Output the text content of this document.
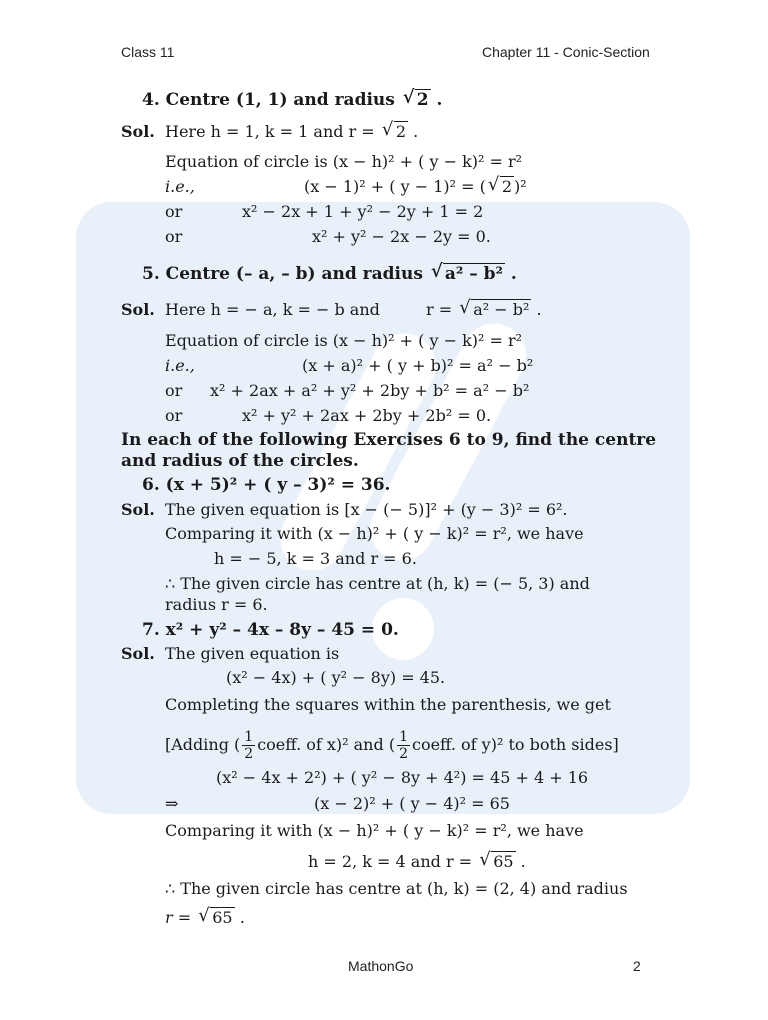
Class 11	Chapter 11 - Conic-Section
4. Centre (1, 1) and radius √ 2 .
Sol. Here h = 1, k = 1 and r = √ 2 .
Equation of circle is (x − h)² + ( y − k)² = r²
i.e.,	(x − 1)² + ( y − 1)² = ( √ 2 )²
or	x² − 2x + 1 + y² − 2y + 1 = 2
or	x² + y² − 2x − 2y = 0.
5. Centre (– a, – b) and radius √ a² – b² .
Sol. Here h = − a, k = − b and	r = √ a² − b² .
Equation of circle is (x − h)² + ( y − k)² = r²
i.e.,	(x + a)² + ( y + b)² = a² − b²
or x² + 2ax + a² + y² + 2by + b² = a² − b²
or	x² + y² + 2ax + 2by + 2b² = 0.
In each of the following Exercises 6 to 9, find the centre
and radius of the circles.
6. (x + 5)² + ( y – 3)² = 36.
Sol. The given equation is [x − (− 5)]² + (y − 3)² = 6².
Comparing it with (x − h)² + ( y − k)² = r², we have
h = − 5, k = 3 and r = 6.
∴ The given circle has centre at (h, k) = (− 5, 3) and
radius r = 6.
7. x² + y² – 4x – 8y – 45 = 0.
Sol. The given equation is
(x² − 4x) + ( y² − 8y) = 45.
Completing the squares within the parenthesis, we get
[Adding ( $\frac{1}{2}$ coeff. of x)² and ( $\frac{1}{2}$ coeff. of y)² to both sides]
(x² − 4x + 2²) + ( y² − 8y + 4²) = 45 + 4 + 16
⇒	(x − 2)² + ( y − 4)² = 65
Comparing it with (x − h)² + ( y − k)² = r², we have
h = 2, k = 4 and r = √ 65 .
∴ The given circle has centre at (h, k) = (2, 4) and radius
r = √ 65 .
MathonGo	2
